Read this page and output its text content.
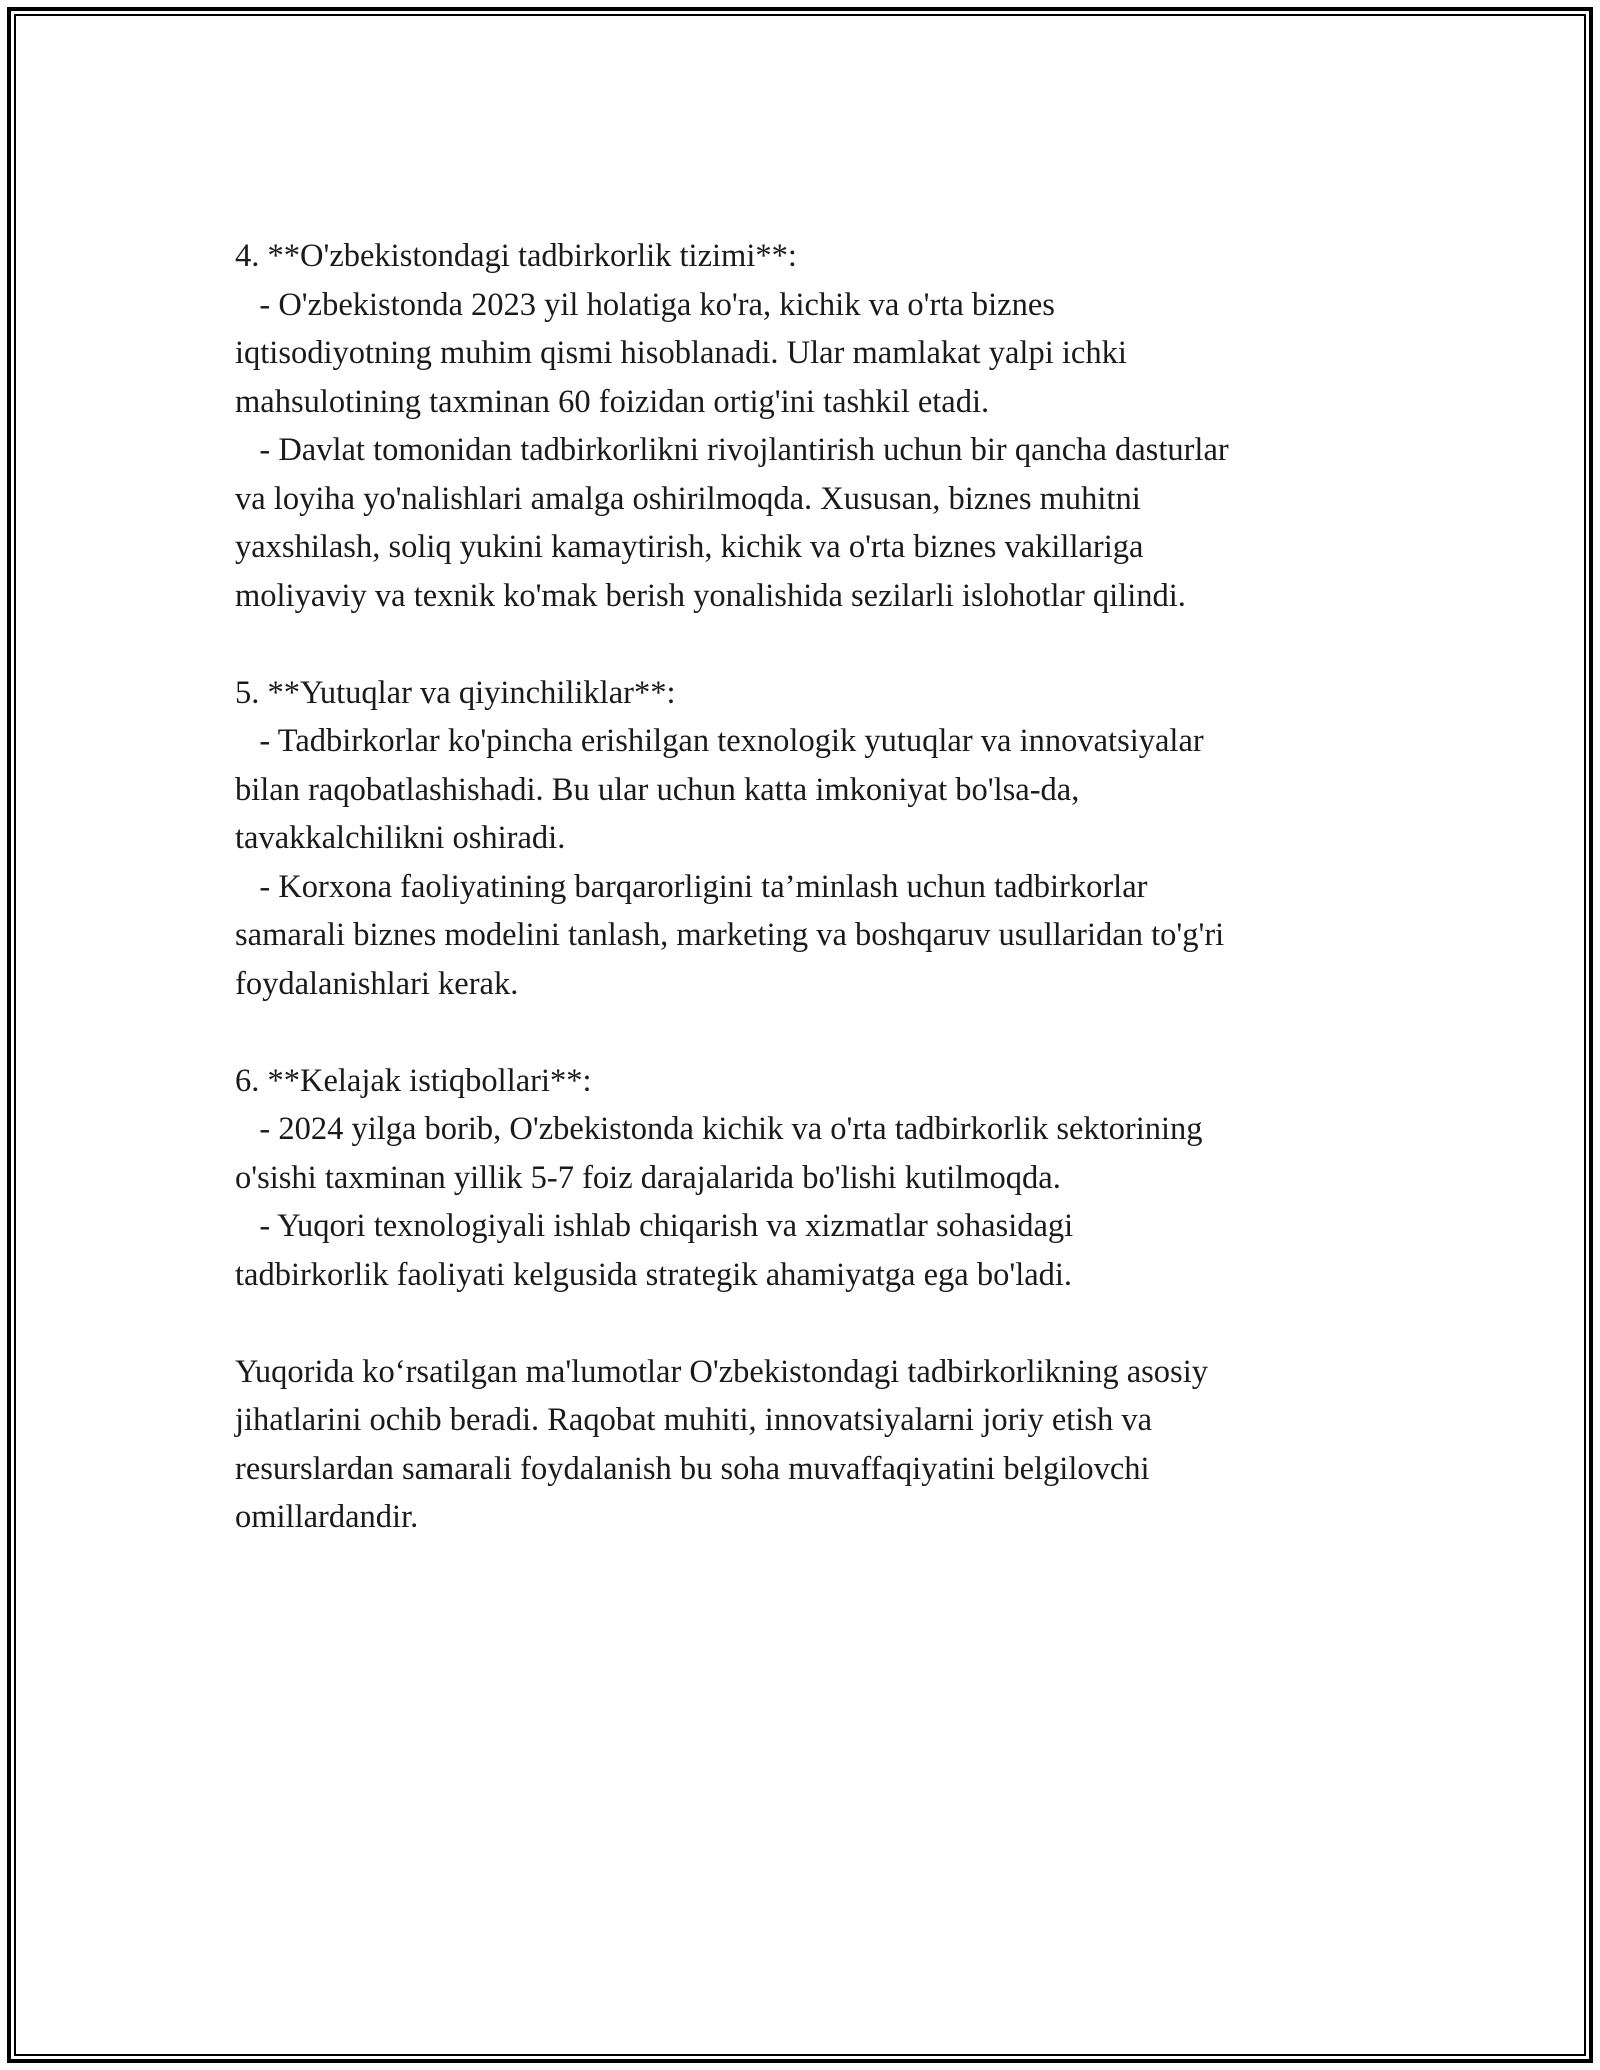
4. **O'zbekistondagi tadbirkorlik tizimi**:
- O'zbekistonda 2023 yil holatiga ko'ra, kichik va o'rta biznes
iqtisodiyotning muhim qismi hisoblanadi. Ular mamlakat yalpi ichki
mahsulotining taxminan 60 foizidan ortig'ini tashkil etadi.
- Davlat tomonidan tadbirkorlikni rivojlantirish uchun bir qancha dasturlar
va loyiha yo'nalishlari amalga oshirilmoqda. Xususan, biznes muhitni
yaxshilash, soliq yukini kamaytirish, kichik va o'rta biznes vakillariga
moliyaviy va texnik ko'mak berish yonalishida sezilarli islohotlar qilindi.
5. **Yutuqlar va qiyinchiliklar**:
- Tadbirkorlar ko'pincha erishilgan texnologik yutuqlar va innovatsiyalar
bilan raqobatlashishadi. Bu ular uchun katta imkoniyat bo'lsa-da,
tavakkalchilikni oshiradi.
- Korxona faoliyatining barqarorligini ta’minlash uchun tadbirkorlar
samarali biznes modelini tanlash, marketing va boshqaruv usullaridan to'g'ri
foydalanishlari kerak.
6. **Kelajak istiqbollari**:
- 2024 yilga borib, O'zbekistonda kichik va o'rta tadbirkorlik sektorining
o'sishi taxminan yillik 5-7 foiz darajalarida bo'lishi kutilmoqda.
- Yuqori texnologiyali ishlab chiqarish va xizmatlar sohasidagi
tadbirkorlik faoliyati kelgusida strategik ahamiyatga ega bo'ladi.
Yuqorida koʻrsatilgan ma'lumotlar O'zbekistondagi tadbirkorlikning asosiy
jihatlarini ochib beradi. Raqobat muhiti, innovatsiyalarni joriy etish va
resurslardan samarali foydalanish bu soha muvaffaqiyatini belgilovchi
omillardandir.
